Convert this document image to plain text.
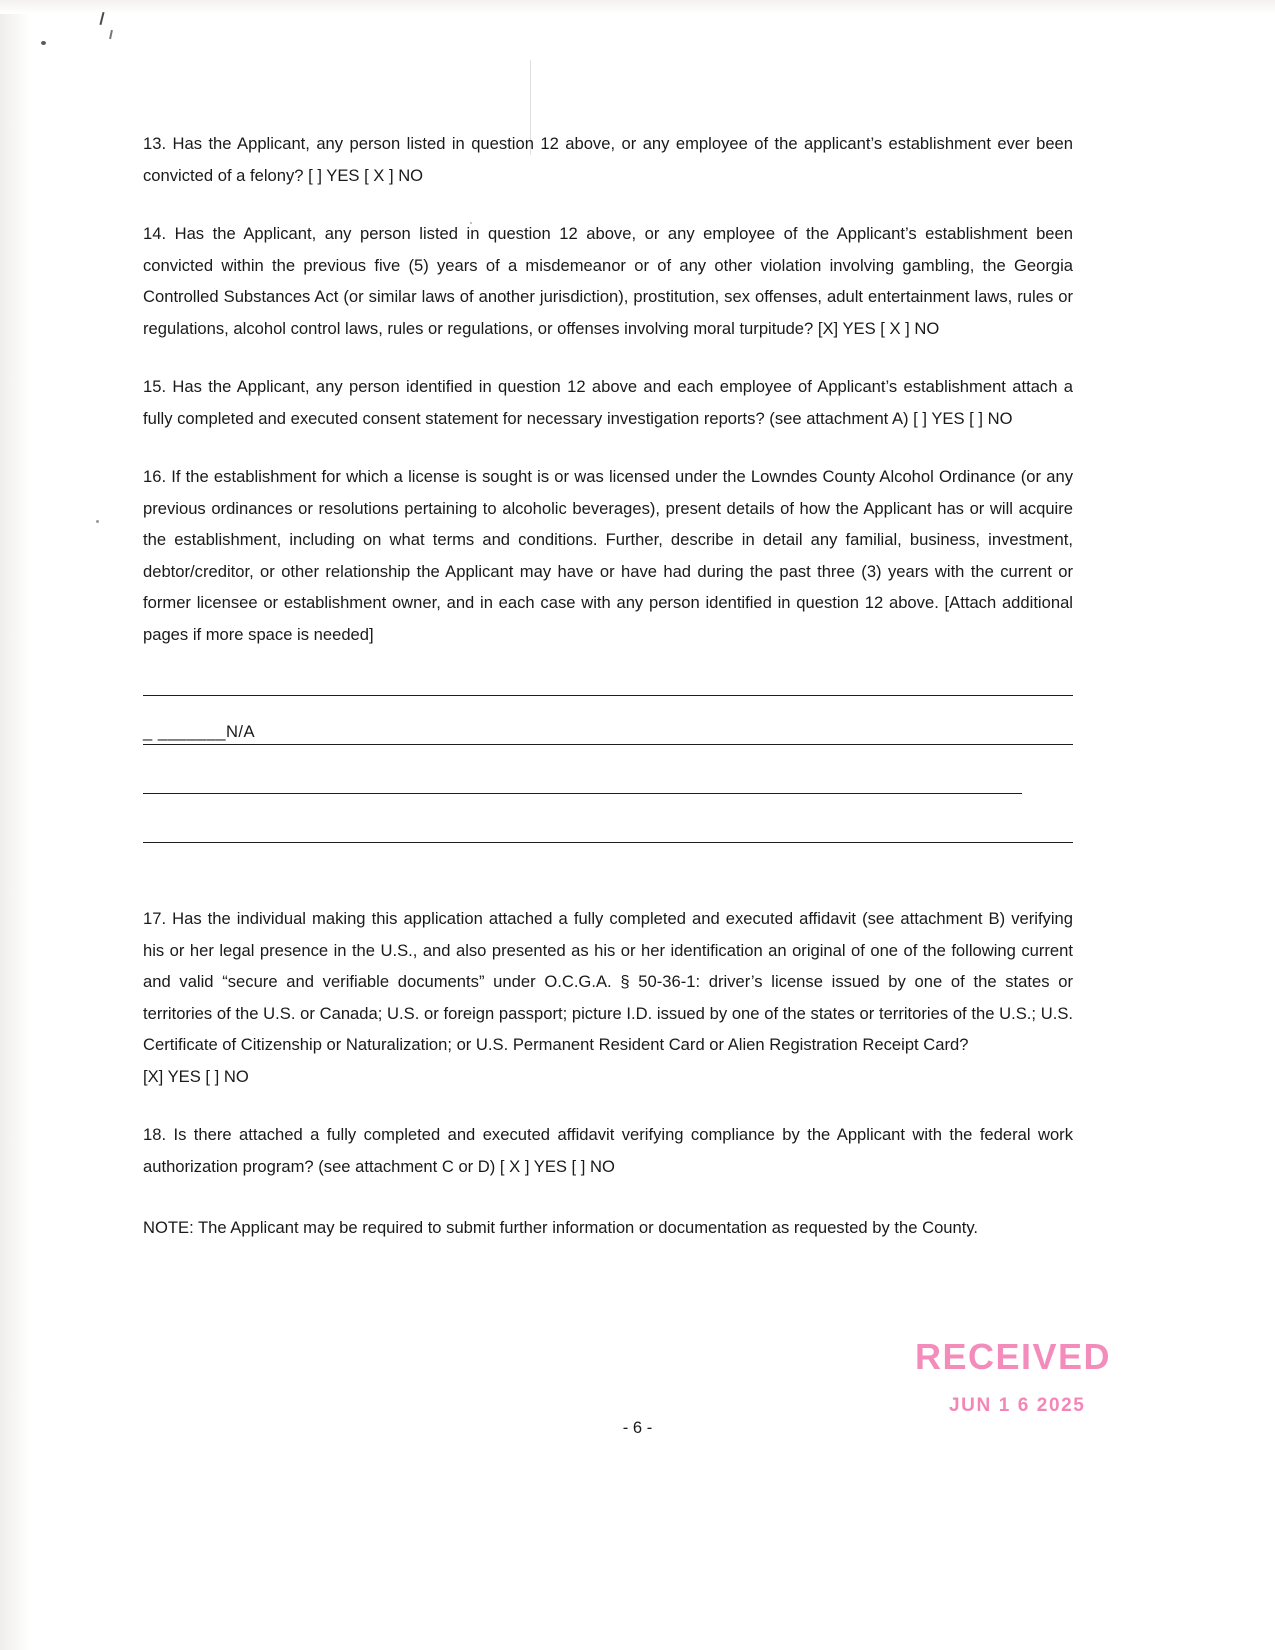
13. Has the Applicant, any person listed in question 12 above, or any employee of the applicant’s establishment ever been convicted of a felony? [ ] YES [ X ] NO

14. Has the Applicant, any person listed in question 12 above, or any employee of the Applicant’s establishment been convicted within the previous five (5) years of a misdemeanor or of any other violation involving gambling, the Georgia Controlled Substances Act (or similar laws of another jurisdiction), prostitution, sex offenses, adult entertainment laws, rules or regulations, alcohol control laws, rules or regulations, or offenses involving moral turpitude? [X] YES [ X ] NO

15. Has the Applicant, any person identified in question 12 above and each employee of Applicant’s establishment attach a fully completed and executed consent statement for necessary investigation reports? (see attachment A) [ ] YES [ ] NO

16. If the establishment for which a license is sought is or was licensed under the Lowndes County Alcohol Ordinance (or any previous ordinances or resolutions pertaining to alcoholic beverages), present details of how the Applicant has or will acquire the establishment, including on what terms and conditions. Further, describe in detail any familial, business, investment, debtor/creditor, or other relationship the Applicant may have or have had during the past three (3) years with the current or former licensee or establishment owner, and in each case with any person identified in question 12 above. [Attach additional pages if more space is needed]

_ _______N/A

17. Has the individual making this application attached a fully completed and executed affidavit (see attachment B) verifying his or her legal presence in the U.S., and also presented as his or her identification an original of one of the following current and valid “secure and verifiable documents” under O.C.G.A. § 50-36-1: driver’s license issued by one of the states or territories of the U.S. or Canada; U.S. or foreign passport; picture I.D. issued by one of the states or territories of the U.S.; U.S. Certificate of Citizenship or Naturalization; or U.S. Permanent Resident Card or Alien Registration Receipt Card?

[X] YES [ ] NO

18. Is there attached a fully completed and executed affidavit verifying compliance by the Applicant with the federal work authorization program? (see attachment C or D) [ X ] YES [ ] NO

NOTE: The Applicant may be required to submit further information or documentation as requested by the County.

- 6 -
RECEIVED
JUN 1 6 2025
